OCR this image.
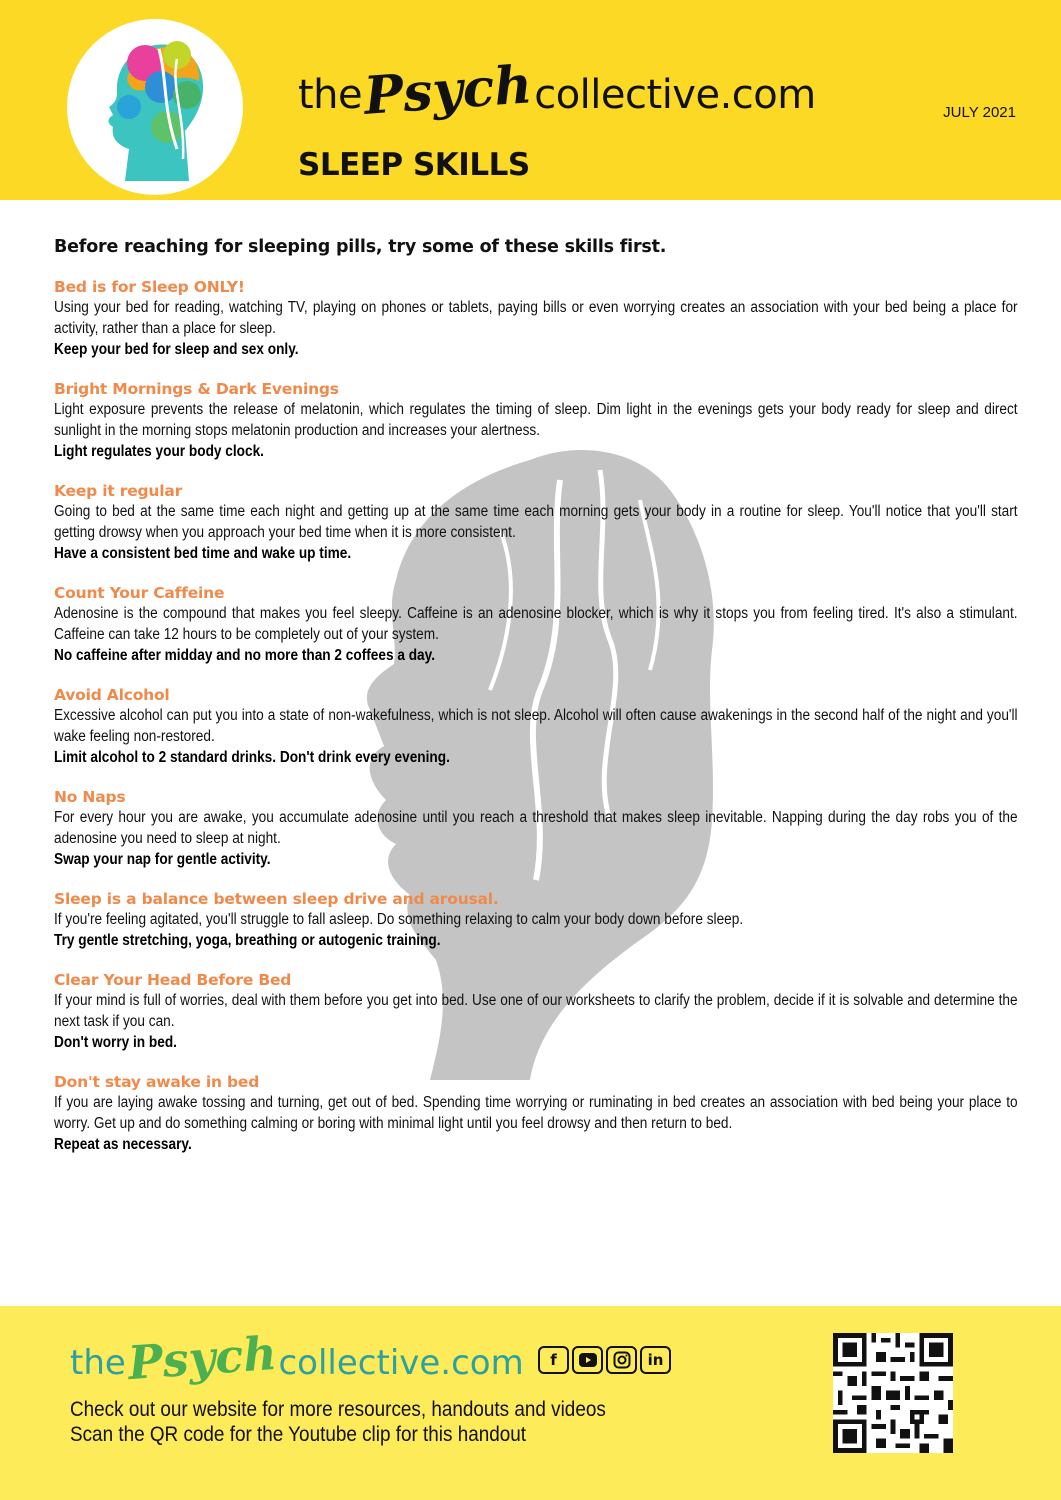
the Psych collective.com
SLEEP SKILLS
JULY 2021
Before reaching for sleeping pills, try some of these skills first.
Bed is for Sleep ONLY!
Using your bed for reading, watching TV, playing on phones or tablets, paying bills or even worrying creates an association with your bed being a place for activity, rather than a place for sleep.
Keep your bed for sleep and sex only.
Bright Mornings & Dark Evenings
Light exposure prevents the release of melatonin, which regulates the timing of sleep. Dim light in the evenings gets your body ready for sleep and direct sunlight in the morning stops melatonin production and increases your alertness.
Light regulates your body clock.
Keep it regular
Going to bed at the same time each night and getting up at the same time each morning gets your body in a routine for sleep. You'll notice that you'll start getting drowsy when you approach your bed time when it is more consistent.
Have a consistent bed time and wake up time.
Count Your Caffeine
Adenosine is the compound that makes you feel sleepy. Caffeine is an adenosine blocker, which is why it stops you from feeling tired. It's also a stimulant. Caffeine can take 12 hours to be completely out of your system.
No caffeine after midday and no more than 2 coffees a day.
Avoid Alcohol
Excessive alcohol can put you into a state of non-wakefulness, which is not sleep. Alcohol will often cause awakenings in the second half of the night and you'll wake feeling non-restored.
Limit alcohol to 2 standard drinks. Don't drink every evening.
No Naps
For every hour you are awake, you accumulate adenosine until you reach a threshold that makes sleep inevitable. Napping during the day robs you of the adenosine you need to sleep at night.
Swap your nap for gentle activity.
Sleep is a balance between sleep drive and arousal.
If you're feeling agitated, you'll struggle to fall asleep. Do something relaxing to calm your body down before sleep.
Try gentle stretching, yoga, breathing or autogenic training.
Clear Your Head Before Bed
If your mind is full of worries, deal with them before you get into bed. Use one of our worksheets to clarify the problem, decide if it is solvable and determine the next task if you can.
Don't worry in bed.
Don't stay awake in bed
If you are laying awake tossing and turning, get out of bed. Spending time worrying or ruminating in bed creates an association with bed being your place to worry. Get up and do something calming or boring with minimal light until you feel drowsy and then return to bed.
Repeat as necessary.
the Psych collective.com	f	in
Check out our website for more resources, handouts and videos
Scan the QR code for the Youtube clip for this handout
